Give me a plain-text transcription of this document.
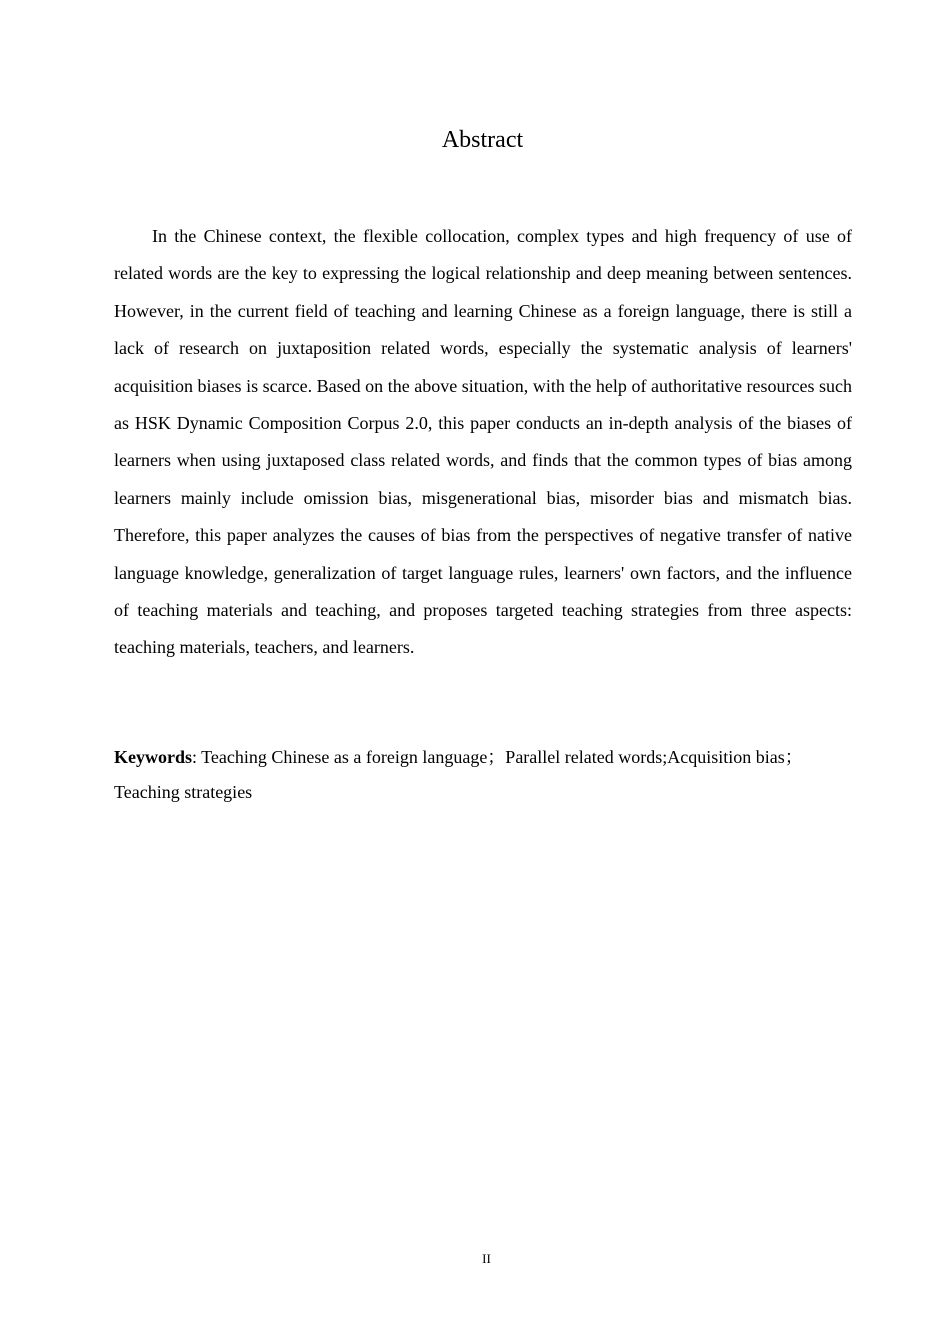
Abstract

In the Chinese context, the flexible collocation, complex types and high frequency of use of related words are the key to expressing the logical relationship and deep meaning between sentences. However, in the current field of teaching and learning Chinese as a foreign language, there is still a lack of research on juxtaposition related words, especially the systematic analysis of learners' acquisition biases is scarce. Based on the above situation, with the help of authoritative resources such as HSK Dynamic Composition Corpus 2.0, this paper conducts an in-depth analysis of the biases of learners when using juxtaposed class related words, and finds that the common types of bias among learners mainly include omission bias, misgenerational bias, misorder bias and mismatch bias. Therefore, this paper analyzes the causes of bias from the perspectives of negative transfer of native language knowledge, generalization of target language rules, learners' own factors, and the influence of teaching materials and teaching, and proposes targeted teaching strategies from three aspects: teaching materials, teachers, and learners.

Keywords: Teaching Chinese as a foreign language；Parallel related words;Acquisition bias； Teaching strategies

II
